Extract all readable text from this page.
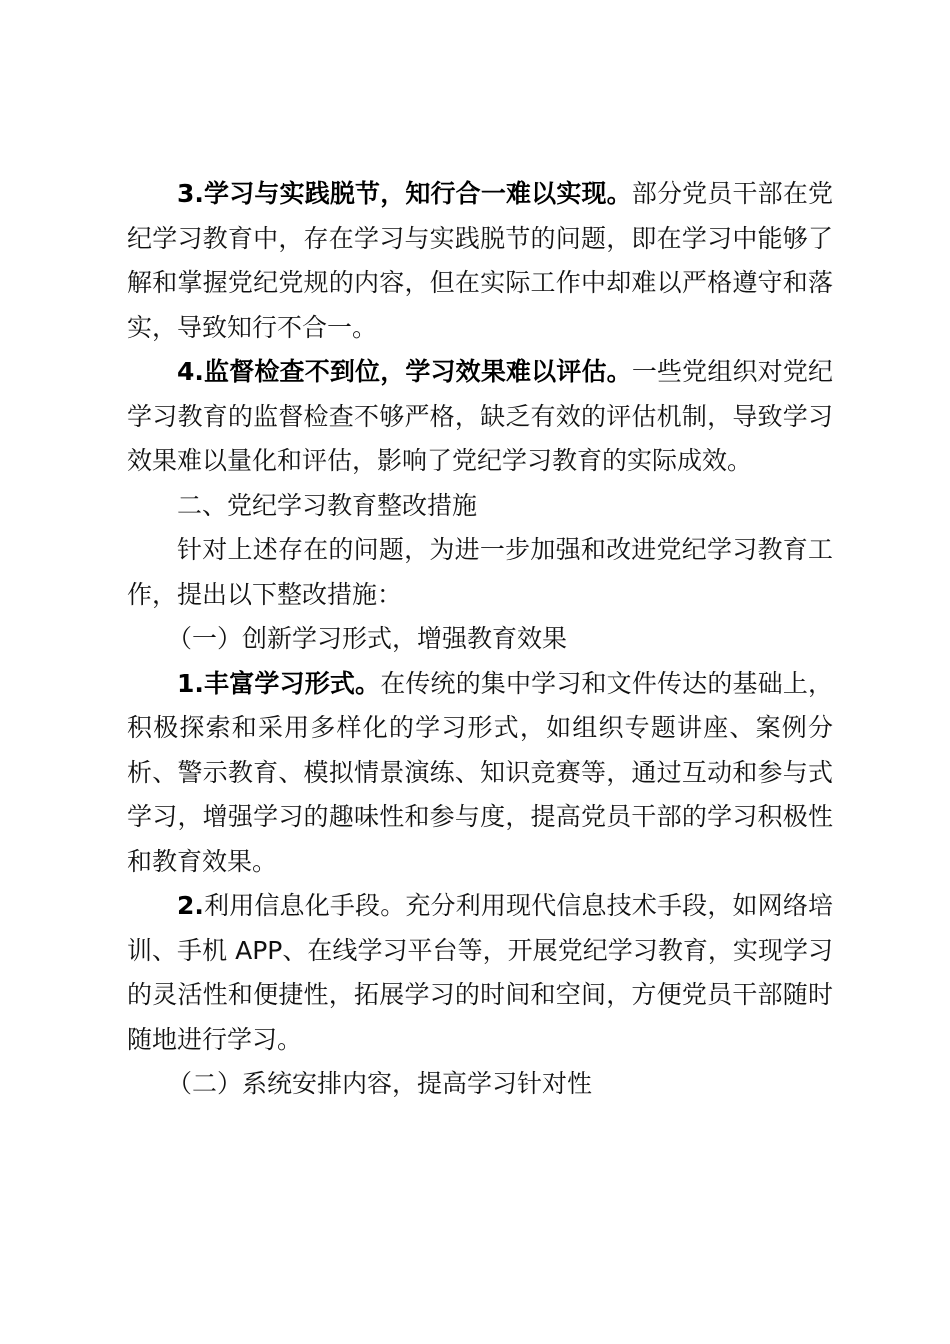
3.学习与实践脱节，知行合一难以实现。部分党员干部在党纪学习教育中，存在学习与实践脱节的问题，即在学习中能够了解和掌握党纪党规的内容，但在实际工作中却难以严格遵守和落实，导致知行不合一。

4.监督检查不到位，学习效果难以评估。一些党组织对党纪学习教育的监督检查不够严格，缺乏有效的评估机制，导致学习效果难以量化和评估，影响了党纪学习教育的实际成效。

二、党纪学习教育整改措施

针对上述存在的问题，为进一步加强和改进党纪学习教育工作，提出以下整改措施：

（一）创新学习形式，增强教育效果

1.丰富学习形式。在传统的集中学习和文件传达的基础上，积极探索和采用多样化的学习形式，如组织专题讲座、案例分析、警示教育、模拟情景演练、知识竞赛等，通过互动和参与式学习，增强学习的趣味性和参与度，提高党员干部的学习积极性和教育效果。

2.利用信息化手段。充分利用现代信息技术手段，如网络培训、手机 APP、在线学习平台等，开展党纪学习教育，实现学习的灵活性和便捷性，拓展学习的时间和空间，方便党员干部随时随地进行学习。

（二）系统安排内容，提高学习针对性
